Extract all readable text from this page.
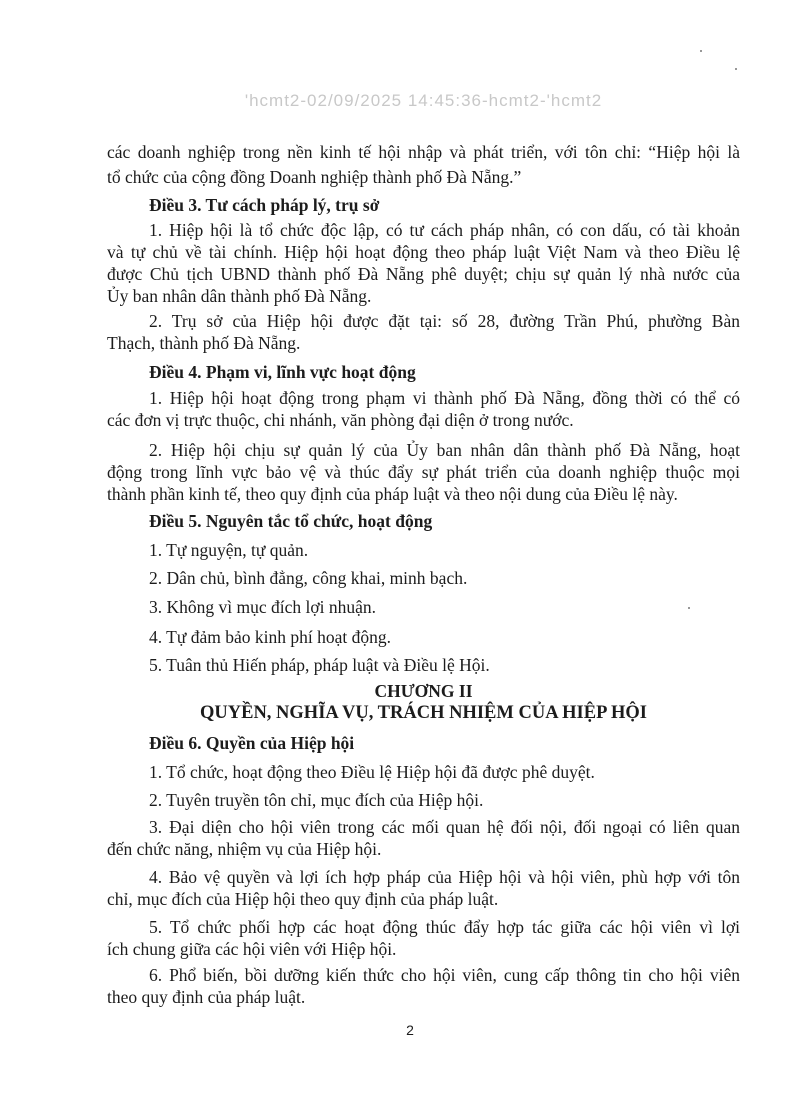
'hcmt2-02/09/2025 14:45:36-hcmt2-'hcmt2
các doanh nghiệp trong nền kinh tế hội nhập và phát triển, với tôn chỉ: “Hiệp hội là
tổ chức của cộng đồng Doanh nghiệp thành phố Đà Nẵng.”
Điều 3. Tư cách pháp lý, trụ sở
1. Hiệp hội là tổ chức độc lập, có tư cách pháp nhân, có con dấu, có tài khoản
và tự chủ về tài chính. Hiệp hội hoạt động theo pháp luật Việt Nam và theo Điều lệ
được Chủ tịch UBND thành phố Đà Nẵng phê duyệt; chịu sự quản lý nhà nước của
Ủy ban nhân dân thành phố Đà Nẵng.
2. Trụ sở của Hiệp hội được đặt tại: số 28, đường Trần Phú, phường Bàn
Thạch, thành phố Đà Nẵng.
Điều 4. Phạm vi, lĩnh vực hoạt động
1. Hiệp hội hoạt động trong phạm vi thành phố Đà Nẵng, đồng thời có thể có
các đơn vị trực thuộc, chi nhánh, văn phòng đại diện ở trong nước.
2. Hiệp hội chịu sự quản lý của Ủy ban nhân dân thành phố Đà Nẵng, hoạt
động trong lĩnh vực bảo vệ và thúc đẩy sự phát triển của doanh nghiệp thuộc mọi
thành phần kinh tế, theo quy định của pháp luật và theo nội dung của Điều lệ này.
Điều 5. Nguyên tắc tổ chức, hoạt động
1. Tự nguyện, tự quản.
2. Dân chủ, bình đẳng, công khai, minh bạch.
3. Không vì mục đích lợi nhuận.
4. Tự đảm bảo kinh phí hoạt động.
5. Tuân thủ Hiến pháp, pháp luật và Điều lệ Hội.
CHƯƠNG II
QUYỀN, NGHĨA VỤ, TRÁCH NHIỆM CỦA HIỆP HỘI
Điều 6. Quyền của Hiệp hội
1. Tổ chức, hoạt động theo Điều lệ Hiệp hội đã được phê duyệt.
2. Tuyên truyền tôn chỉ, mục đích của Hiệp hội.
3. Đại diện cho hội viên trong các mối quan hệ đối nội, đối ngoại có liên quan
đến chức năng, nhiệm vụ của Hiệp hội.
4. Bảo vệ quyền và lợi ích hợp pháp của Hiệp hội và hội viên, phù hợp với tôn
chỉ, mục đích của Hiệp hội theo quy định của pháp luật.
5. Tổ chức phối hợp các hoạt động thúc đẩy hợp tác giữa các hội viên vì lợi
ích chung giữa các hội viên với Hiệp hội.
6. Phổ biến, bồi dưỡng kiến thức cho hội viên, cung cấp thông tin cho hội viên
theo quy định của pháp luật.
2
